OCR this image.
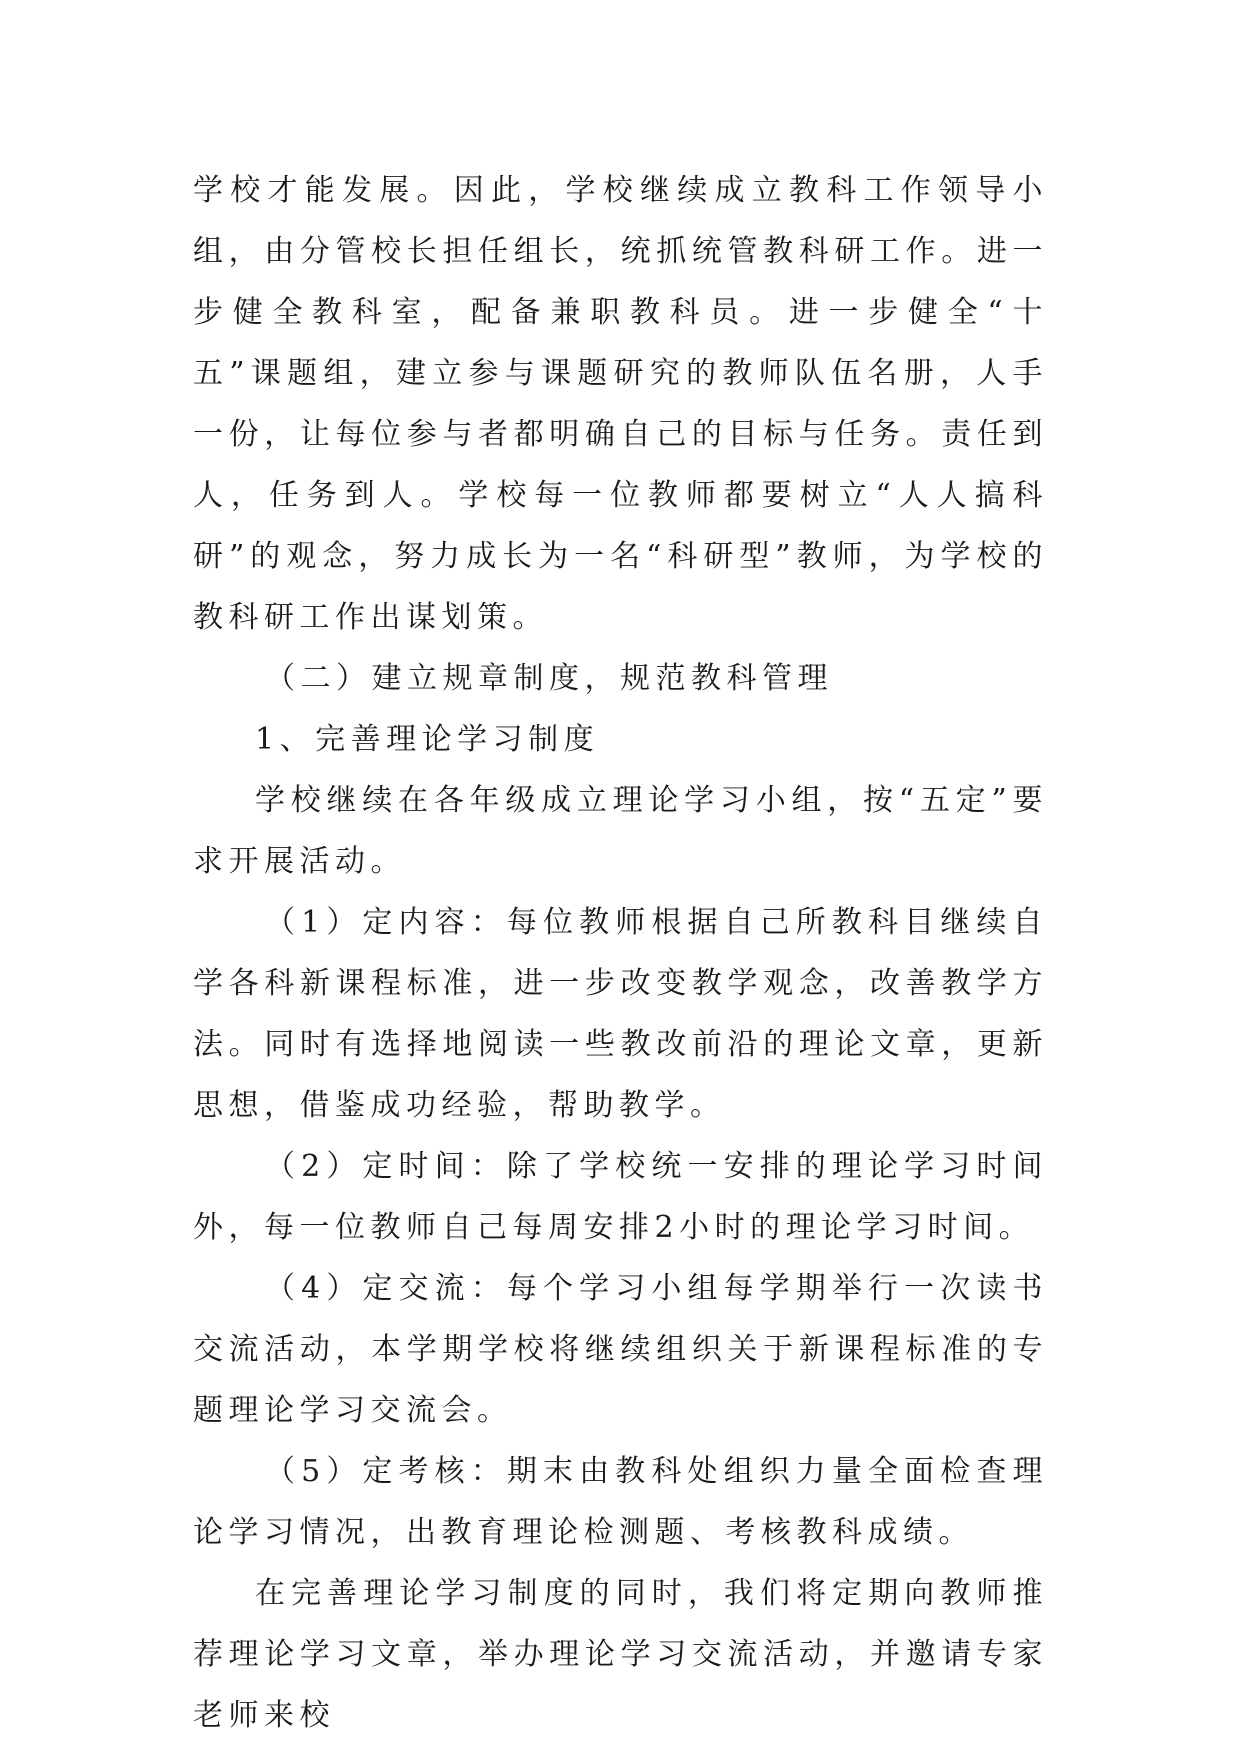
学校才能发展。因此，学校继续成立教科工作领导小组，由分管校长担任组长，统抓统管教科研工作。进一步健全教科室，配备兼职教科员。进一步健全“十五”课题组，建立参与课题研究的教师队伍名册，人手一份，让每位参与者都明确自己的目标与任务。责任到人，任务到人。学校每一位教师都要树立“人人搞科研”的观念，努力成长为一名“科研型”教师，为学校的教科研工作出谋划策。

（二）建立规章制度，规范教科管理

1、完善理论学习制度

学校继续在各年级成立理论学习小组，按“五定”要求开展活动。

（1）定内容：每位教师根据自己所教科目继续自学各科新课程标准，进一步改变教学观念，改善教学方法。同时有选择地阅读一些教改前沿的理论文章，更新思想，借鉴成功经验，帮助教学。

（2）定时间：除了学校统一安排的理论学习时间外，每一位教师自己每周安排2小时的理论学习时间。

（4）定交流：每个学习小组每学期举行一次读书交流活动，本学期学校将继续组织关于新课程标准的专题理论学习交流会。

（5）定考核：期末由教科处组织力量全面检查理论学习情况，出教育理论检测题、考核教科成绩。

在完善理论学习制度的同时，我们将定期向教师推荐理论学习文章，举办理论学习交流活动，并邀请专家老师来校
